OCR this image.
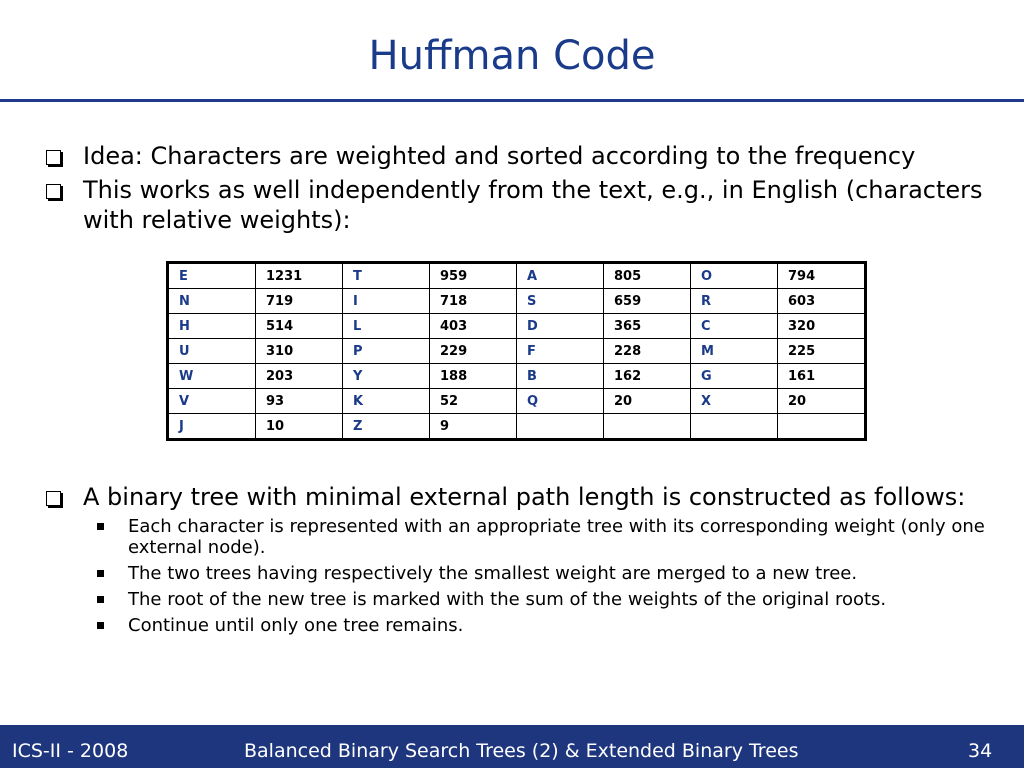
Huffman Code
Idea: Characters are weighted and sorted according to the frequency
This works as well independently from the text, e.g., in English (characters with relative weights):
A binary tree with minimal external path length is constructed as follows:
Each character is represented with an appropriate tree with its corresponding weight (only one external node).
The two trees having respectively the smallest weight are merged to a new tree.
The root of the new tree is marked with the sum of the weights of the original roots.
Continue until only one tree remains.
E	1231	T	959	A	805	O	794
N	719	I	718	S	659	R	603
H	514	L	403	D	365	C	320
U	310	P	229	F	228	M	225
W	203	Y	188	B	162	G	161
V	93	K	52	Q	20	X	20
J	10	Z	9				
ICS-II - 2008	Balanced Binary Search Trees (2) & Extended Binary Trees	34
